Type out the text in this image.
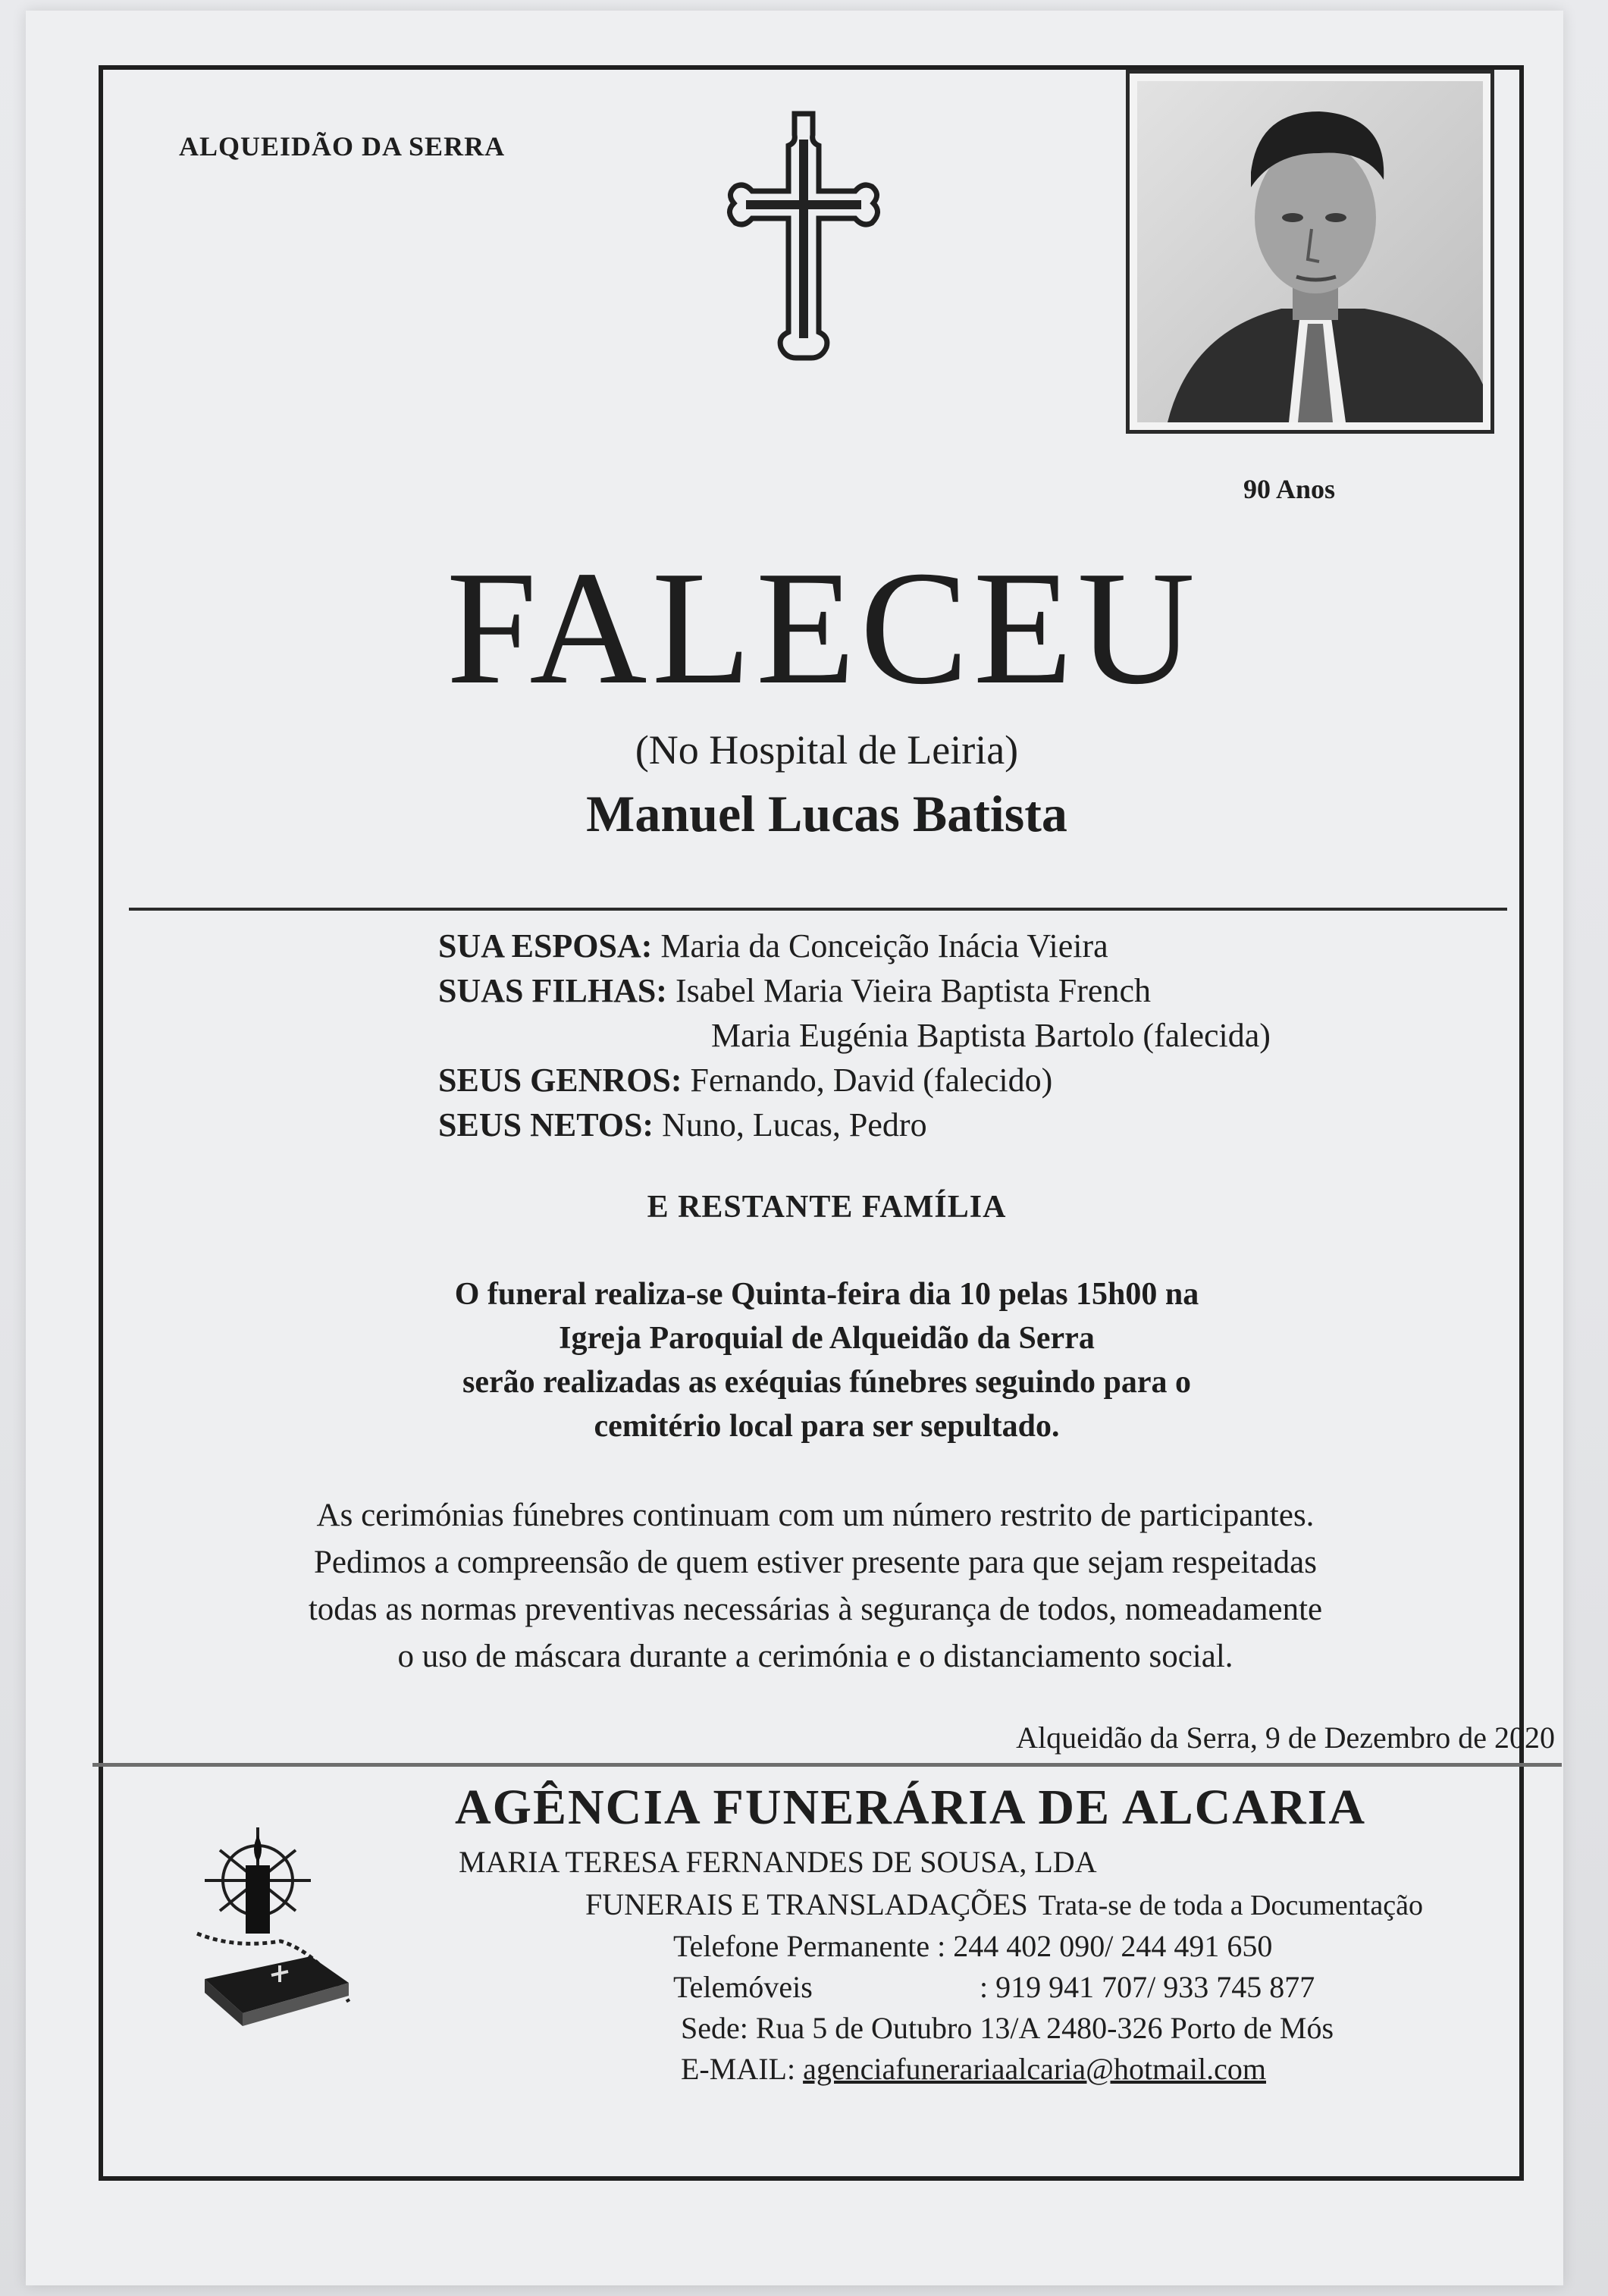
ALQUEIDÃO DA SERRA
90 Anos
FALECEU
(No Hospital de Leiria)
Manuel Lucas Batista
SUA ESPOSA: Maria da Conceição Inácia Vieira
SUAS FILHAS: Isabel Maria Vieira Baptista French
Maria Eugénia Baptista Bartolo (falecida)
SEUS GENROS: Fernando, David (falecido)
SEUS NETOS: Nuno, Lucas, Pedro
E RESTANTE FAMÍLIA
O funeral realiza-se Quinta-feira dia 10 pelas 15h00 na
Igreja Paroquial de Alqueidão da Serra
serão realizadas as exéquias fúnebres seguindo para o
cemitério local para ser sepultado.
As cerimónias fúnebres continuam com um número restrito de participantes.
Pedimos a compreensão de quem estiver presente para que sejam respeitadas
todas as normas preventivas necessárias à segurança de todos, nomeadamente
o uso de máscara durante a cerimónia e o distanciamento social.
Alqueidão da Serra, 9 de Dezembro de 2020
AGÊNCIA FUNERÁRIA DE ALCARIA
MARIA TERESA FERNANDES DE SOUSA, LDA
FUNERAIS E TRANSLADAÇÕES Trata-se de toda a Documentação
Telefone Permanente : 244 402 090/ 244 491 650
Telemóveis	: 919 941 707/ 933 745 877
Sede: Rua 5 de Outubro 13/A 2480-326 Porto de Mós
E-MAIL: agenciafunerariaalcaria@hotmail.com
